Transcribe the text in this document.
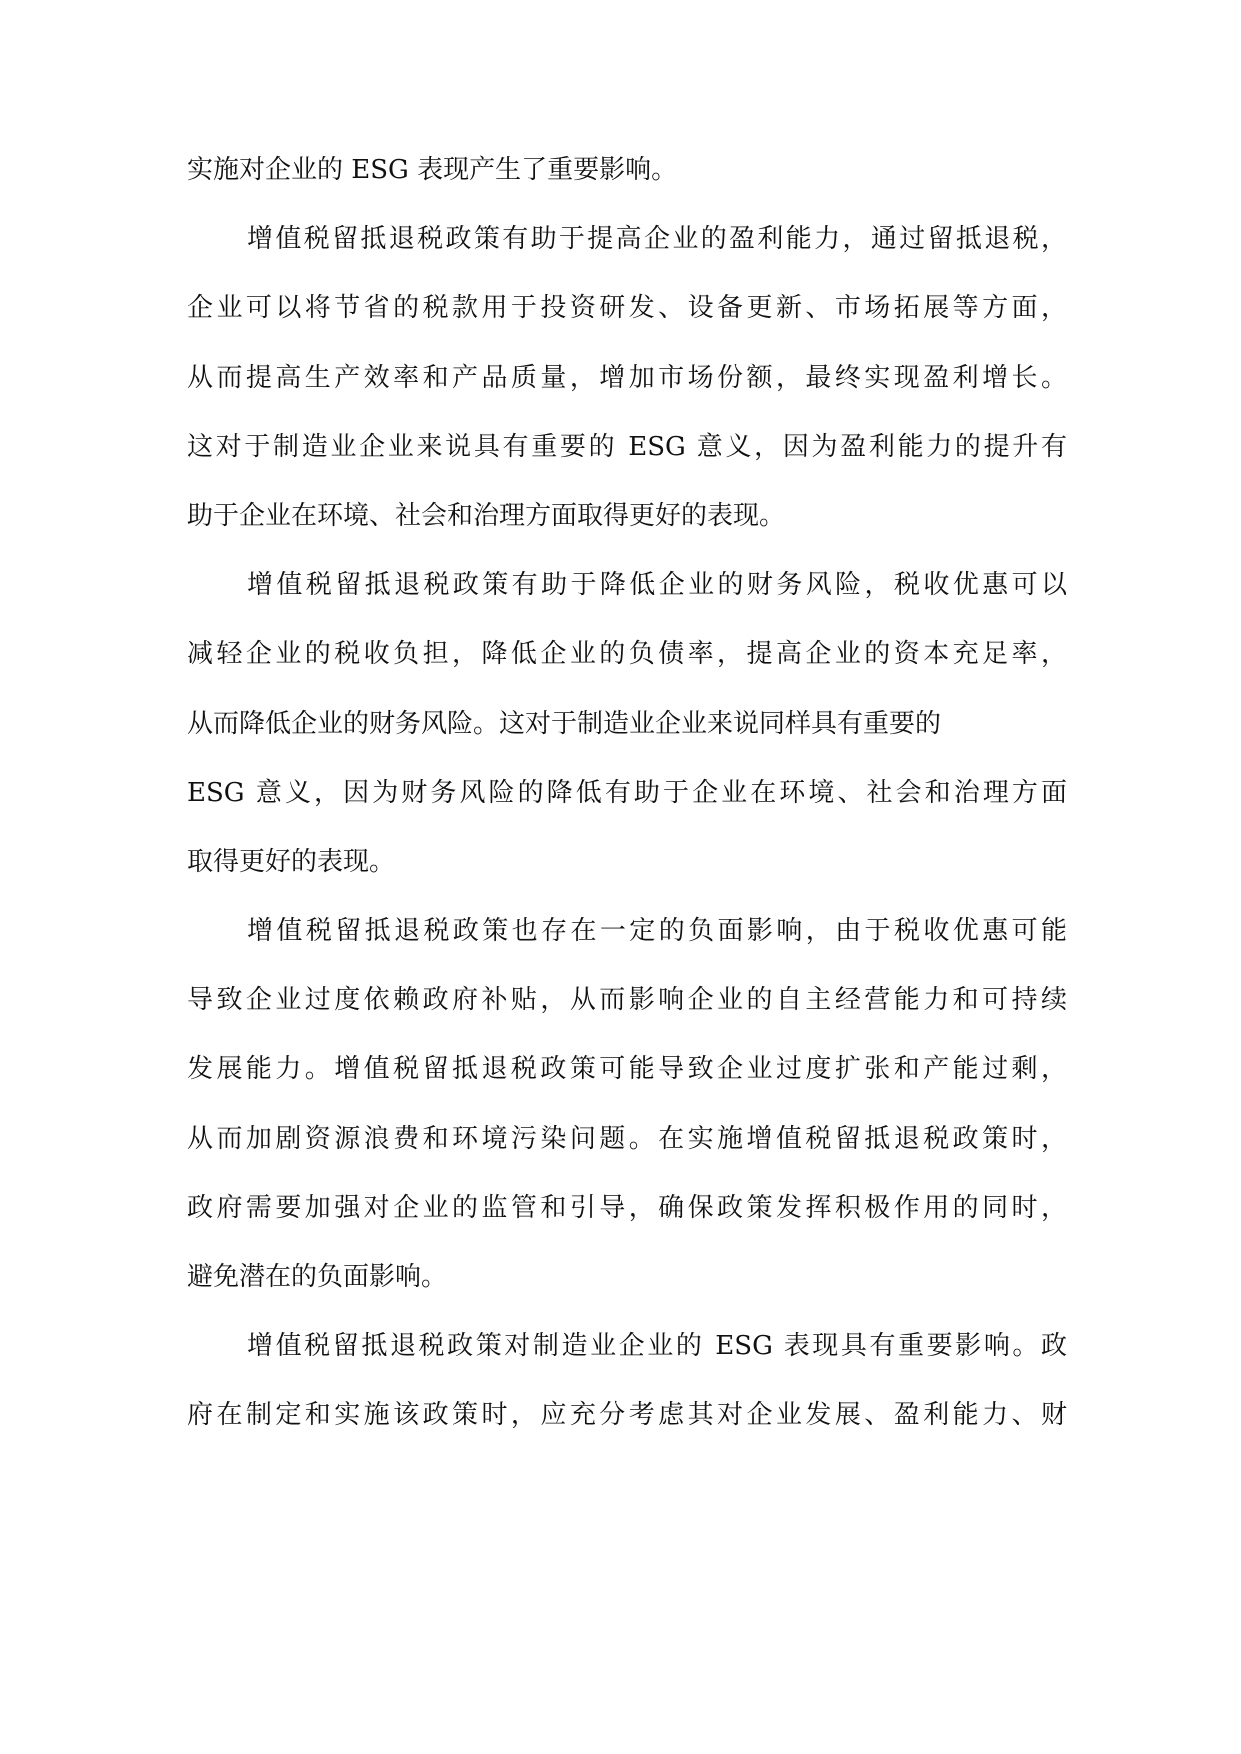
实施对企业的 ESG 表现产生了重要影响。
增值税留抵退税政策有助于提高企业的盈利能力，通过留抵退税，
企业可以将节省的税款用于投资研发、设备更新、市场拓展等方面，
从而提高生产效率和产品质量，增加市场份额，最终实现盈利增长。
这对于制造业企业来说具有重要的 ESG 意义，因为盈利能力的提升有
助于企业在环境、社会和治理方面取得更好的表现。
增值税留抵退税政策有助于降低企业的财务风险，税收优惠可以
减轻企业的税收负担，降低企业的负债率，提高企业的资本充足率，
从而降低企业的财务风险。这对于制造业企业来说同样具有重要的
ESG 意义，因为财务风险的降低有助于企业在环境、社会和治理方面
取得更好的表现。
增值税留抵退税政策也存在一定的负面影响，由于税收优惠可能
导致企业过度依赖政府补贴，从而影响企业的自主经营能力和可持续
发展能力。增值税留抵退税政策可能导致企业过度扩张和产能过剩，
从而加剧资源浪费和环境污染问题。在实施增值税留抵退税政策时，
政府需要加强对企业的监管和引导，确保政策发挥积极作用的同时，
避免潜在的负面影响。
增值税留抵退税政策对制造业企业的 ESG 表现具有重要影响。政
府在制定和实施该政策时，应充分考虑其对企业发展、盈利能力、财
